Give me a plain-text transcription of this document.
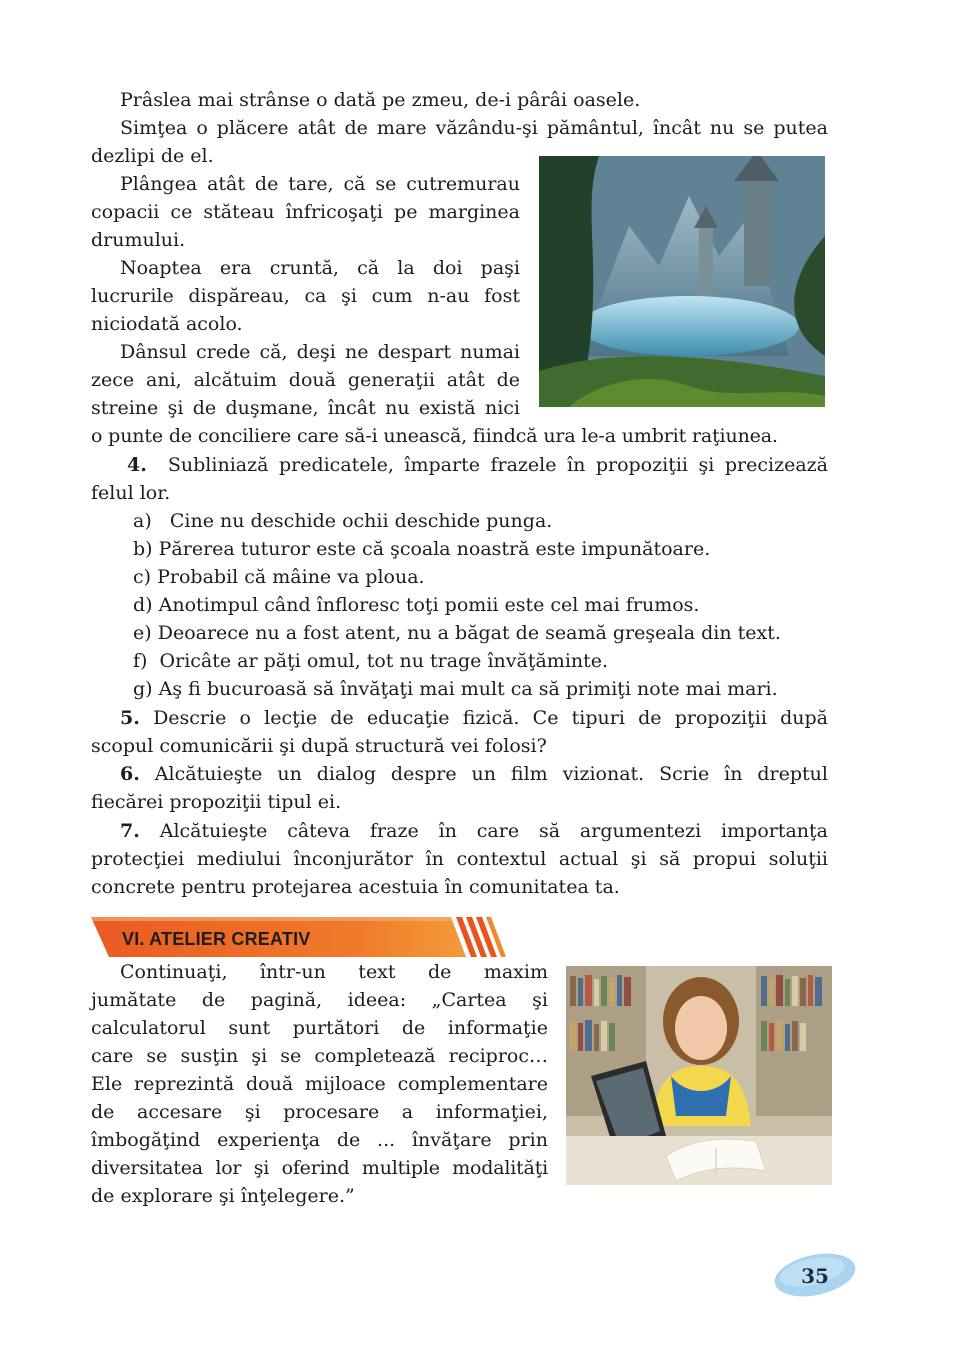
Prâslea mai strânse o dată pe zmeu, de-i pârâi oasele.
Simţea o plăcere atât de mare văzându-şi pământul, încât nu se putea
dezlipi de el.
Plângea atât de tare, că se cutremurau
copacii ce stăteau înfricoşaţi pe marginea
drumului.
Noaptea era cruntă, că la doi paşi
lucrurile dispăreau, ca şi cum n-au fost
niciodată acolo.
Dânsul crede că, deşi ne despart numai
zece ani, alcătuim două generaţii atât de
streine şi de duşmane, încât nu există nici
o punte de conciliere care să-i unească, fiindcă ura le-a umbrit raţiunea.
4. Subliniază predicatele, împarte frazele în propoziţii şi precizează
felul lor.
a) Cine nu deschide ochii deschide punga.
b) Părerea tuturor este că şcoala noastră este impunătoare.
c) Probabil că mâine va ploua.
d) Anotimpul când înfloresc toţi pomii este cel mai frumos.
e) Deoarece nu a fost atent, nu a băgat de seamă greşeala din text.
f) Oricâte ar păţi omul, tot nu trage învăţăminte.
g) Aş fi bucuroasă să învăţaţi mai mult ca să primiţi note mai mari.
5. Descrie o lecţie de educaţie fizică. Ce tipuri de propoziţii după
scopul comunicării şi după structură vei folosi?
6. Alcătuieşte un dialog despre un film vizionat. Scrie în dreptul
fiecărei propoziţii tipul ei.
7. Alcătuieşte câteva fraze în care să argumentezi importanţa
protecţiei mediului înconjurător în contextul actual şi să propui soluţii
concrete pentru protejarea acestuia în comunitatea ta.
VI. ATELIER CREATIV
Continuaţi, într-un text de maxim
jumătate de pagină, ideea: „Cartea şi
calculatorul sunt purtători de informaţie
care se susţin şi se completează reciproc…
Ele reprezintă două mijloace complementare
de accesare şi procesare a informaţiei,
îmbogăţind experienţa de ... învăţare prin
diversitatea lor şi oferind multiple modalităţi
de explorare şi înţelegere.”
35
